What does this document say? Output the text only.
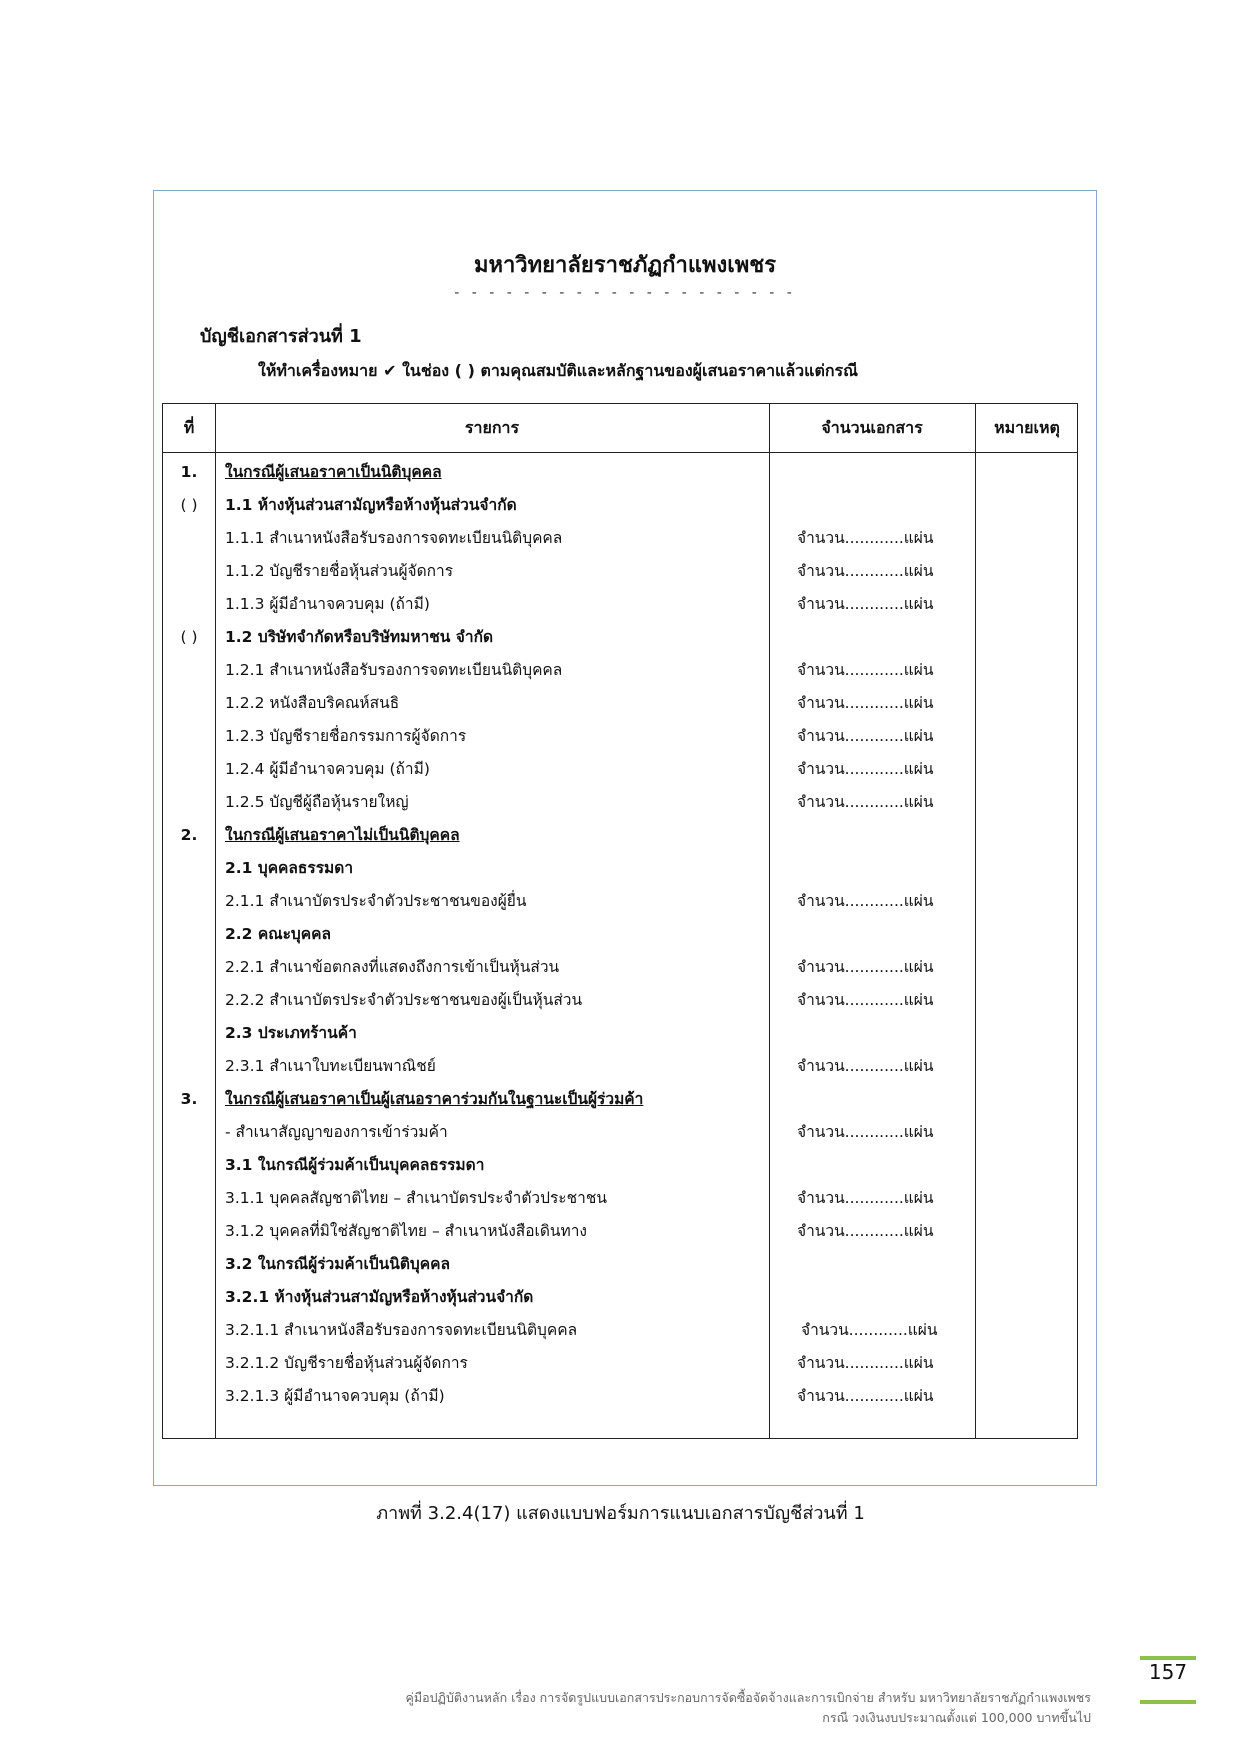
มหาวิทยาลัยราชภัฏกำแพงเพชร
- - - - - - - - - - - - - - - - - - - -
บัญชีเอกสารส่วนที่ 1
ให้ทำเครื่องหมาย ✔ ในช่อง ( ) ตามคุณสมบัติและหลักฐานของผู้เสนอราคาแล้วแต่กรณี
ที่	รายการ	จำนวนเอกสาร	หมายเหตุ
1.	ในกรณีผู้เสนอราคาเป็นนิติบุคคล
( )	1.1 ห้างหุ้นส่วนสามัญหรือห้างหุ้นส่วนจำกัด
1.1.1 สำเนาหนังสือรับรองการจดทะเบียนนิติบุคคล	จำนวน............แผ่น
1.1.2 บัญชีรายชื่อหุ้นส่วนผู้จัดการ	จำนวน............แผ่น
1.1.3 ผู้มีอำนาจควบคุม (ถ้ามี)	จำนวน............แผ่น
( )	1.2 บริษัทจำกัดหรือบริษัทมหาชน จำกัด
1.2.1 สำเนาหนังสือรับรองการจดทะเบียนนิติบุคคล	จำนวน............แผ่น
1.2.2 หนังสือบริคณห์สนธิ	จำนวน............แผ่น
1.2.3 บัญชีรายชื่อกรรมการผู้จัดการ	จำนวน............แผ่น
1.2.4 ผู้มีอำนาจควบคุม (ถ้ามี)	จำนวน............แผ่น
1.2.5 บัญชีผู้ถือหุ้นรายใหญ่	จำนวน............แผ่น
2.	ในกรณีผู้เสนอราคาไม่เป็นนิติบุคคล
2.1 บุคคลธรรมดา
2.1.1 สำเนาบัตรประจำตัวประชาชนของผู้ยื่น	จำนวน............แผ่น
2.2 คณะบุคคล
2.2.1 สำเนาข้อตกลงที่แสดงถึงการเข้าเป็นหุ้นส่วน	จำนวน............แผ่น
2.2.2 สำเนาบัตรประจำตัวประชาชนของผู้เป็นหุ้นส่วน	จำนวน............แผ่น
2.3 ประเภทร้านค้า
2.3.1 สำเนาใบทะเบียนพาณิชย์	จำนวน............แผ่น
3.	ในกรณีผู้เสนอราคาเป็นผู้เสนอราคาร่วมกันในฐานะเป็นผู้ร่วมค้า
- สำเนาสัญญาของการเข้าร่วมค้า	จำนวน............แผ่น
3.1 ในกรณีผู้ร่วมค้าเป็นบุคคลธรรมดา
3.1.1 บุคคลสัญชาติไทย – สำเนาบัตรประจำตัวประชาชน	จำนวน............แผ่น
3.1.2 บุคคลที่มิใช่สัญชาติไทย – สำเนาหนังสือเดินทาง	จำนวน............แผ่น
3.2 ในกรณีผู้ร่วมค้าเป็นนิติบุคคล
3.2.1 ห้างหุ้นส่วนสามัญหรือห้างหุ้นส่วนจำกัด
3.2.1.1 สำเนาหนังสือรับรองการจดทะเบียนนิติบุคคล	จำนวน............แผ่น
3.2.1.2 บัญชีรายชื่อหุ้นส่วนผู้จัดการ	จำนวน............แผ่น
3.2.1.3 ผู้มีอำนาจควบคุม (ถ้ามี)	จำนวน............แผ่น
ภาพที่ 3.2.4(17) แสดงแบบฟอร์มการแนบเอกสารบัญชีส่วนที่ 1
คู่มือปฏิบัติงานหลัก เรื่อง การจัดรูปแบบเอกสารประกอบการจัดซื้อจัดจ้างและการเบิกจ่าย สำหรับ มหาวิทยาลัยราชภัฏกำแพงเพชร
กรณี วงเงินงบประมาณตั้งแต่ 100,000 บาทขึ้นไป
157
